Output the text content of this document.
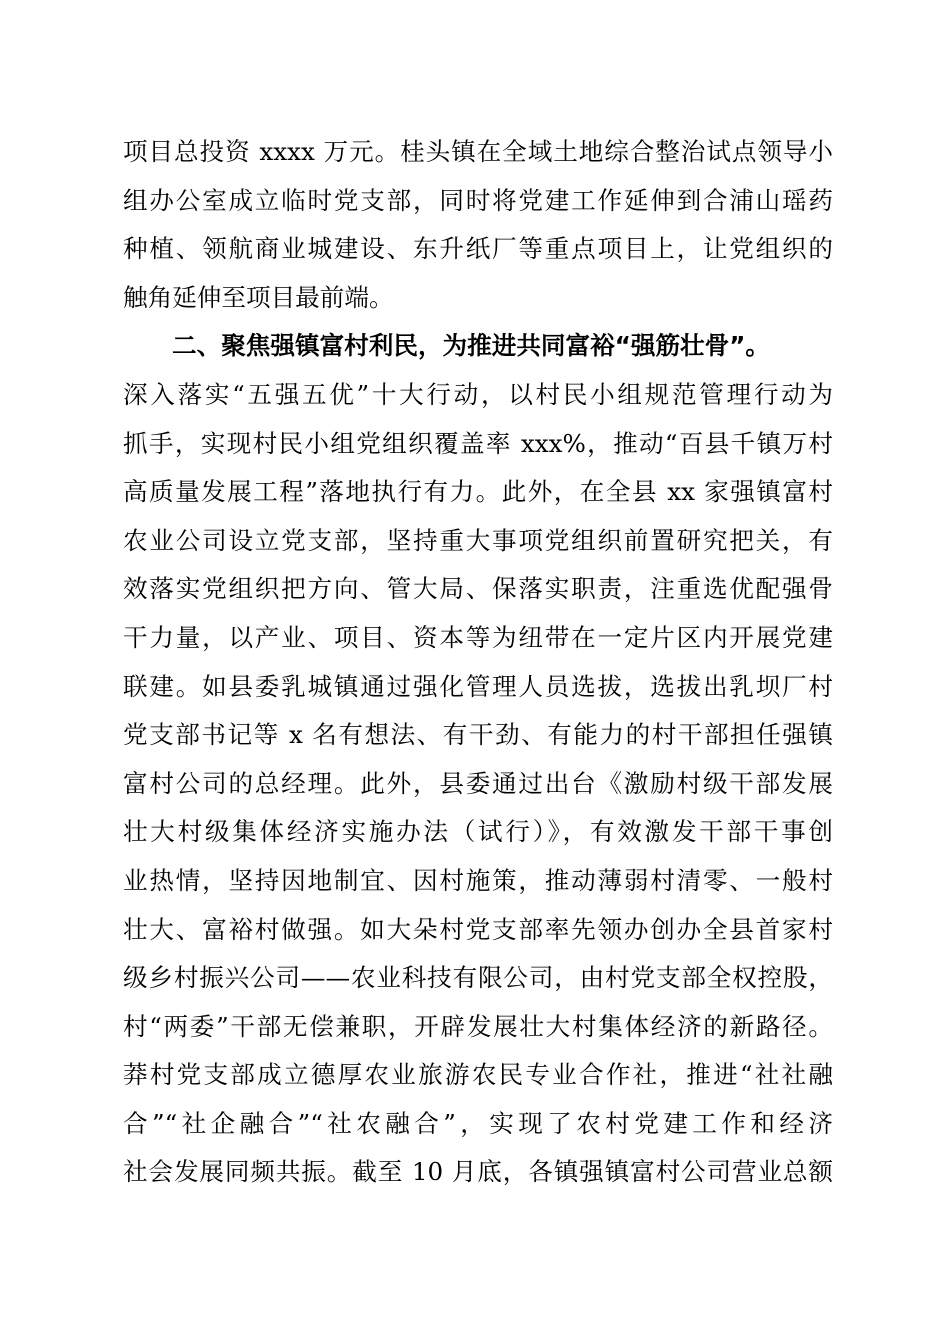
项目总投资 xxxx 万元。桂头镇在全域土地综合整治试点领导小
组办公室成立临时党支部，同时将党建工作延伸到合浦山瑶药
种植、领航商业城建设、东升纸厂等重点项目上，让党组织的
触角延伸至项目最前端。

二、聚焦强镇富村利民，为推进共同富裕“强筋壮骨”。

深入落实“五强五优”十大行动，以村民小组规范管理行动为
抓手，实现村民小组党组织覆盖率 xxx%，推动“百县千镇万村
高质量发展工程”落地执行有力。此外，在全县 xx 家强镇富村
农业公司设立党支部，坚持重大事项党组织前置研究把关，有
效落实党组织把方向、管大局、保落实职责，注重选优配强骨
干力量，以产业、项目、资本等为纽带在一定片区内开展党建
联建。如县委乳城镇通过强化管理人员选拔，选拔出乳坝厂村
党支部书记等 x 名有想法、有干劲、有能力的村干部担任强镇
富村公司的总经理。此外，县委通过出台《激励村级干部发展
壮大村级集体经济实施办法（试行）》，有效激发干部干事创
业热情，坚持因地制宜、因村施策，推动薄弱村清零、一般村
壮大、富裕村做强。如大朵村党支部率先领办创办全县首家村
级乡村振兴公司——农业科技有限公司，由村党支部全权控股，
村“两委”干部无偿兼职，开辟发展壮大村集体经济的新路径。
莽村党支部成立德厚农业旅游农民专业合作社，推进“社社融
合”“社企融合”“社农融合”，实现了农村党建工作和经济
社会发展同频共振。截至 10 月底，各镇强镇富村公司营业总额
